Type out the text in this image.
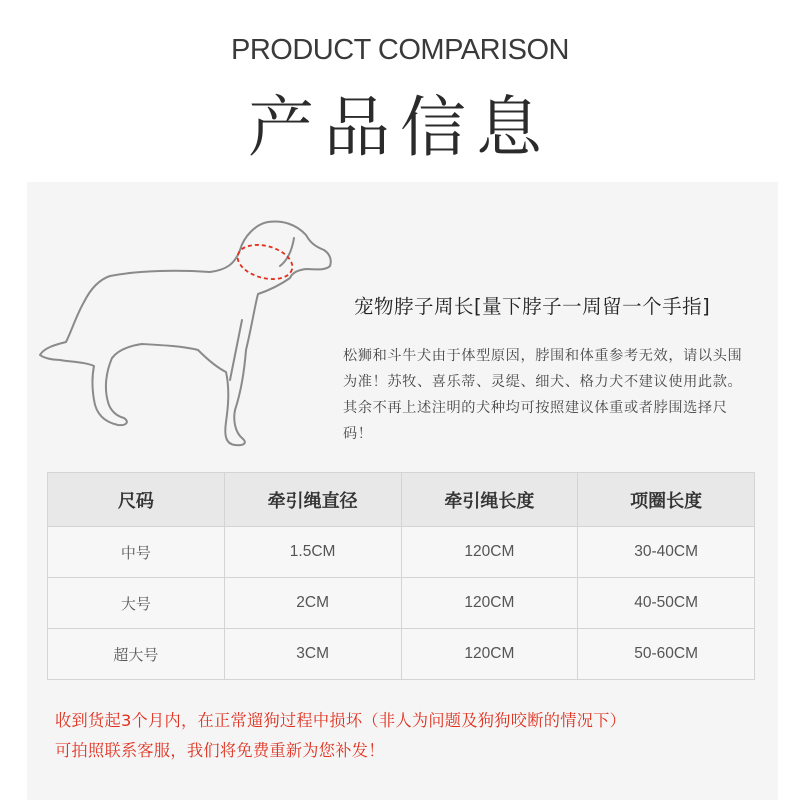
PRODUCT COMPARISON
产品信息
宠物脖子周长[量下脖子一周留一个手指]
松狮和斗牛犬由于体型原因，脖围和体重参考无效，请以头围为准！苏牧、喜乐蒂、灵缇、细犬、格力犬不建议使用此款。其余不再上述注明的犬种均可按照建议体重或者脖围选择尺码！
尺码	牵引绳直径	牵引绳长度	项圈长度
中号	1.5CM	120CM	30-40CM
大号	2CM	120CM	40-50CM
超大号	3CM	120CM	50-60CM
收到货起3个月内，在正常遛狗过程中损坏（非人为问题及狗狗咬断的情况下）
可拍照联系客服，我们将免费重新为您补发！
